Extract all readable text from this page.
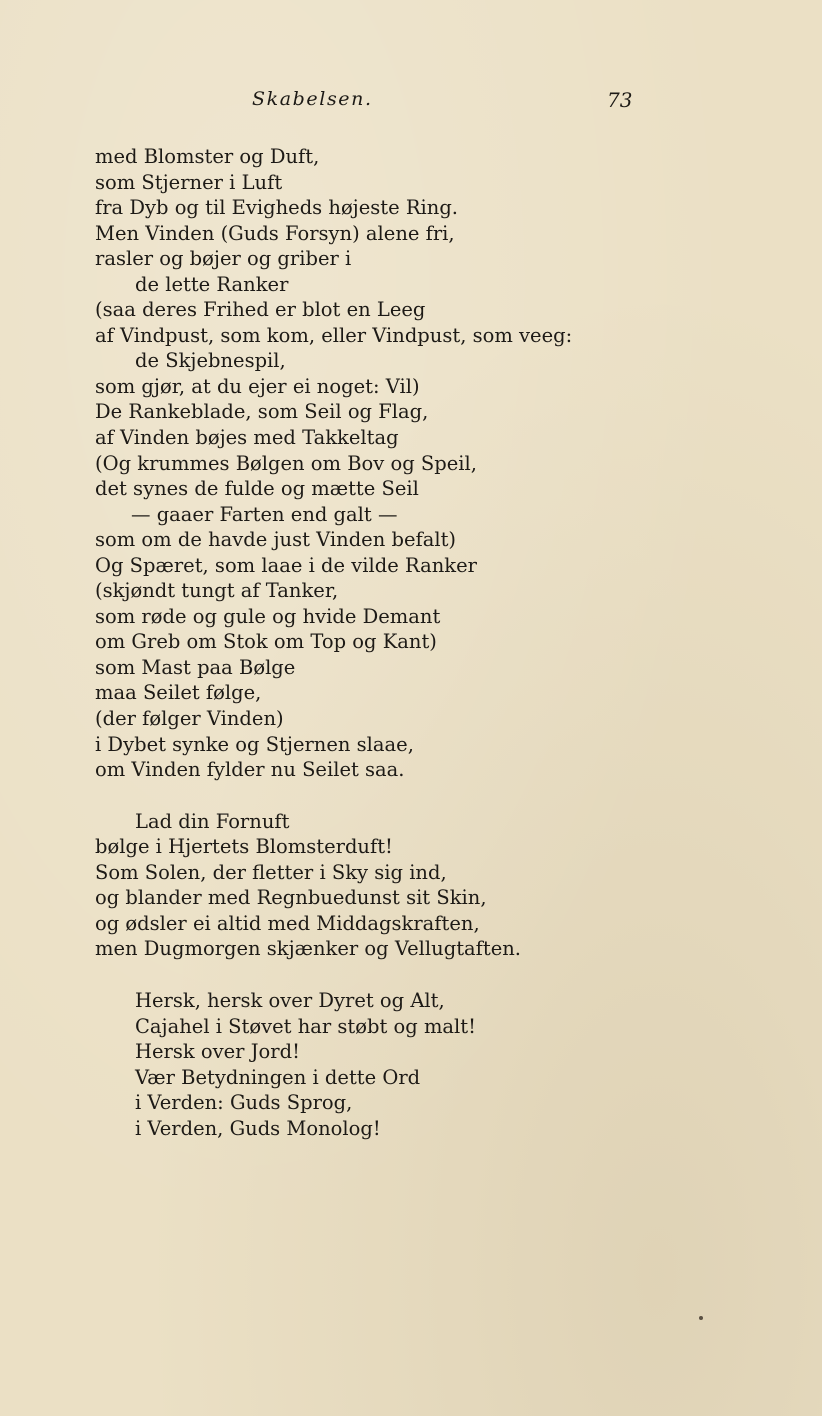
Skabelsen.	73
med Blomster og Duft,
som Stjerner i Luft
fra Dyb og til Evigheds højeste Ring.
Men Vinden (Guds Forsyn) alene fri,
rasler og bøjer og griber i
de lette Ranker
(saa deres Frihed er blot en Leeg
af Vindpust, som kom, eller Vindpust, som veeg:
de Skjebnespil,
som gjør, at du ejer ei noget: Vil)
De Rankeblade, som Seil og Flag,
af Vinden bøjes med Takkeltag
(Og krummes Bølgen om Bov og Speil,
det synes de fulde og mætte Seil
— gaaer Farten end galt —
som om de havde just Vinden befalt)
Og Spæret, som laae i de vilde Ranker
(skjøndt tungt af Tanker,
som røde og gule og hvide Demant
om Greb om Stok om Top og Kant)
som Mast paa Bølge
maa Seilet følge,
(der følger Vinden)
i Dybet synke og Stjernen slaae,
om Vinden fylder nu Seilet saa.
Lad din Fornuft
bølge i Hjertets Blomsterduft!
Som Solen, der fletter i Sky sig ind,
og blander med Regnbuedunst sit Skin,
og ødsler ei altid med Middagskraften,
men Dugmorgen skjænker og Vellugtaften.
Hersk, hersk over Dyret og Alt,
Cajahel i Støvet har støbt og malt!
Hersk over Jord!
Vær Betydningen i dette Ord
i Verden: Guds Sprog,
i Verden, Guds Monolog!
